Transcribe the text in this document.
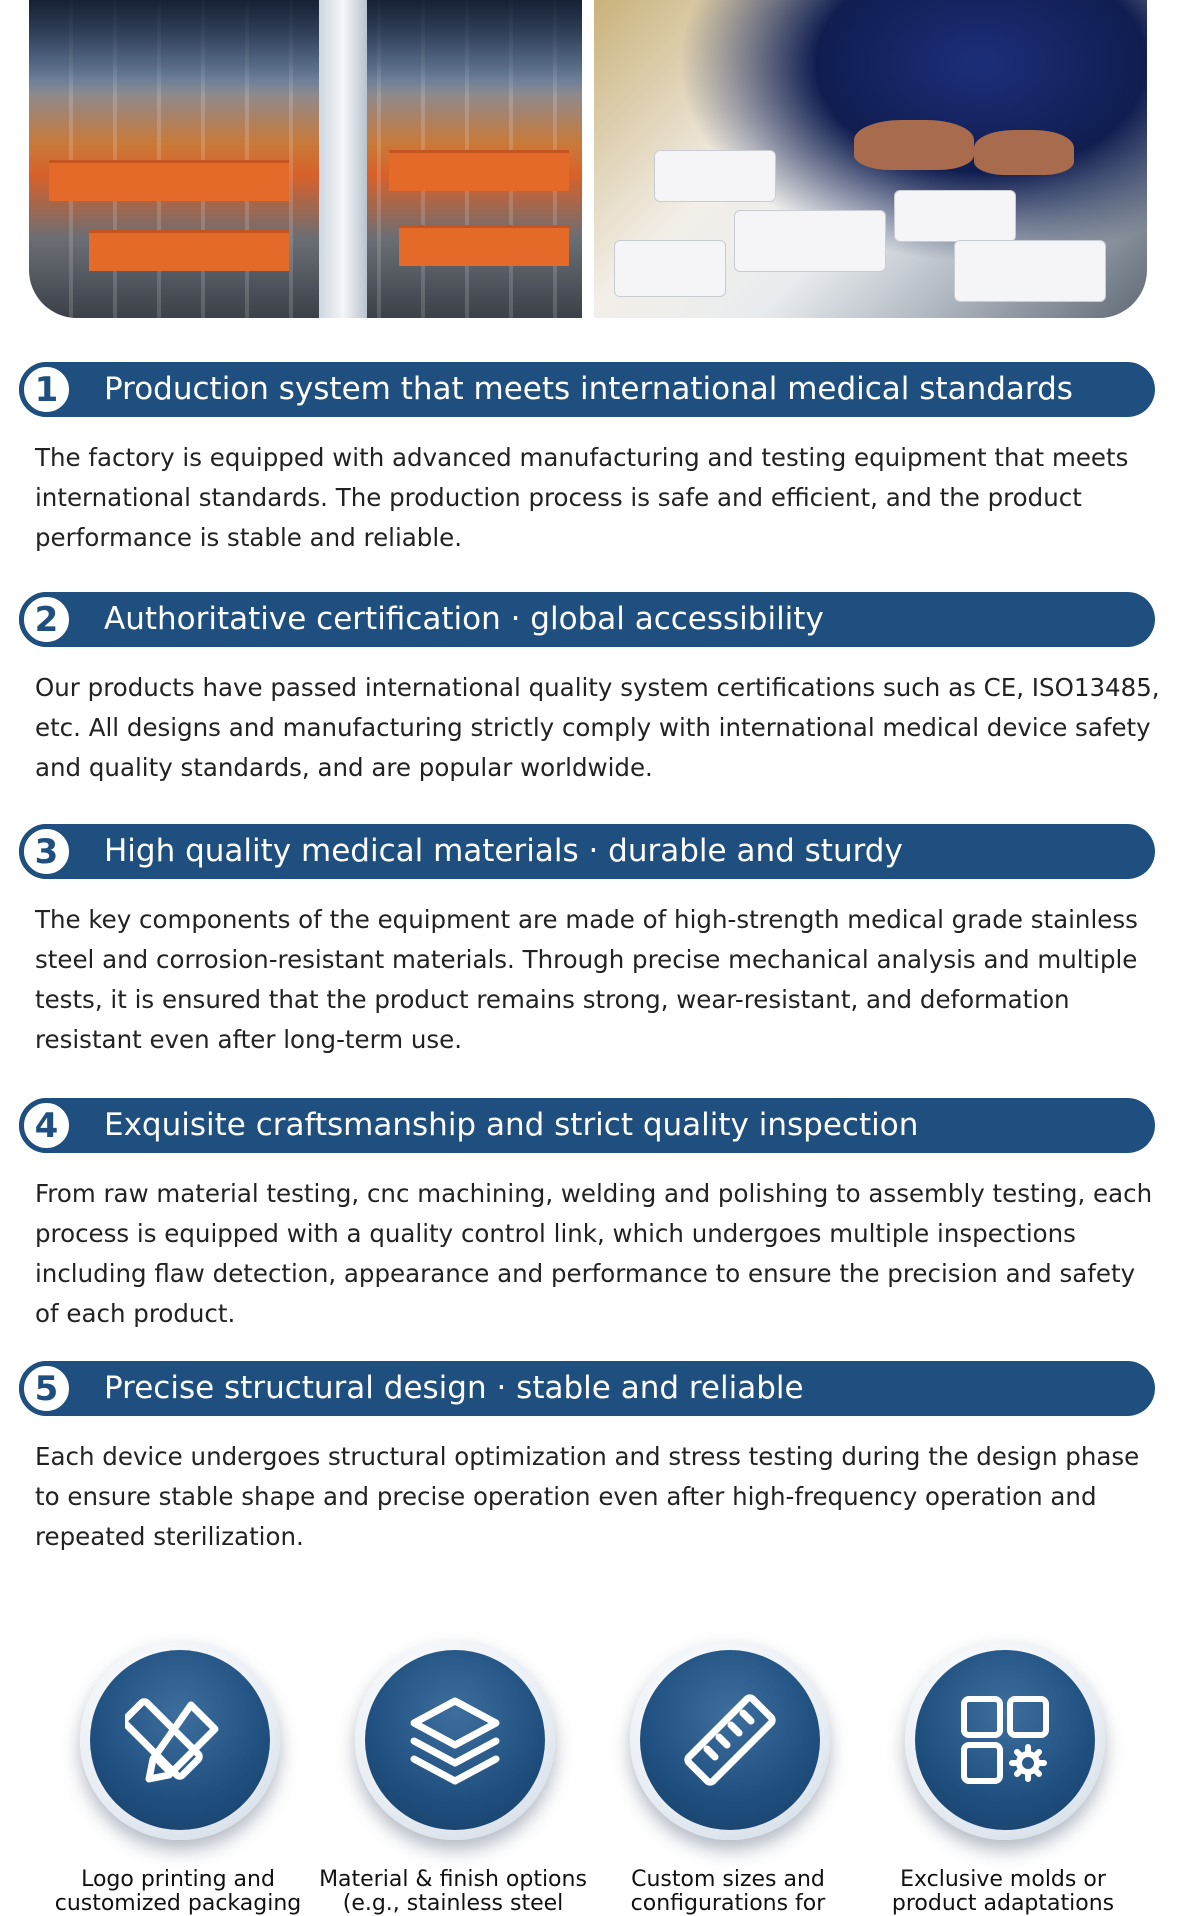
1	Production system that meets international medical standards
The factory is equipped with advanced manufacturing and testing equipment that meets international standards. The production process is safe and efficient, and the product performance is stable and reliable.
2	Authoritative certification · global accessibility
Our products have passed international quality system certifications such as CE, ISO13485, etc. All designs and manufacturing strictly comply with international medical device safety and quality standards, and are popular worldwide.
3	High quality medical materials · durable and sturdy
The key components of the equipment are made of high-strength medical grade stainless steel and corrosion-resistant materials. Through precise mechanical analysis and multiple tests, it is ensured that the product remains strong, wear-resistant, and deformation resistant even after long-term use.
4	Exquisite craftsmanship and strict quality inspection
From raw material testing, cnc machining, welding and polishing to assembly testing, each process is equipped with a quality control link, which undergoes multiple inspections including flaw detection, appearance and performance to ensure the precision and safety of each product.
5	Precise structural design · stable and reliable
Each device undergoes structural optimization and stress testing during the design phase to ensure stable shape and precise operation even after high-frequency operation and repeated sterilization.
Logo printing and customized packaging
Material & finish options (e.g., stainless steel
Custom sizes and configurations for
Exclusive molds or product adaptations
